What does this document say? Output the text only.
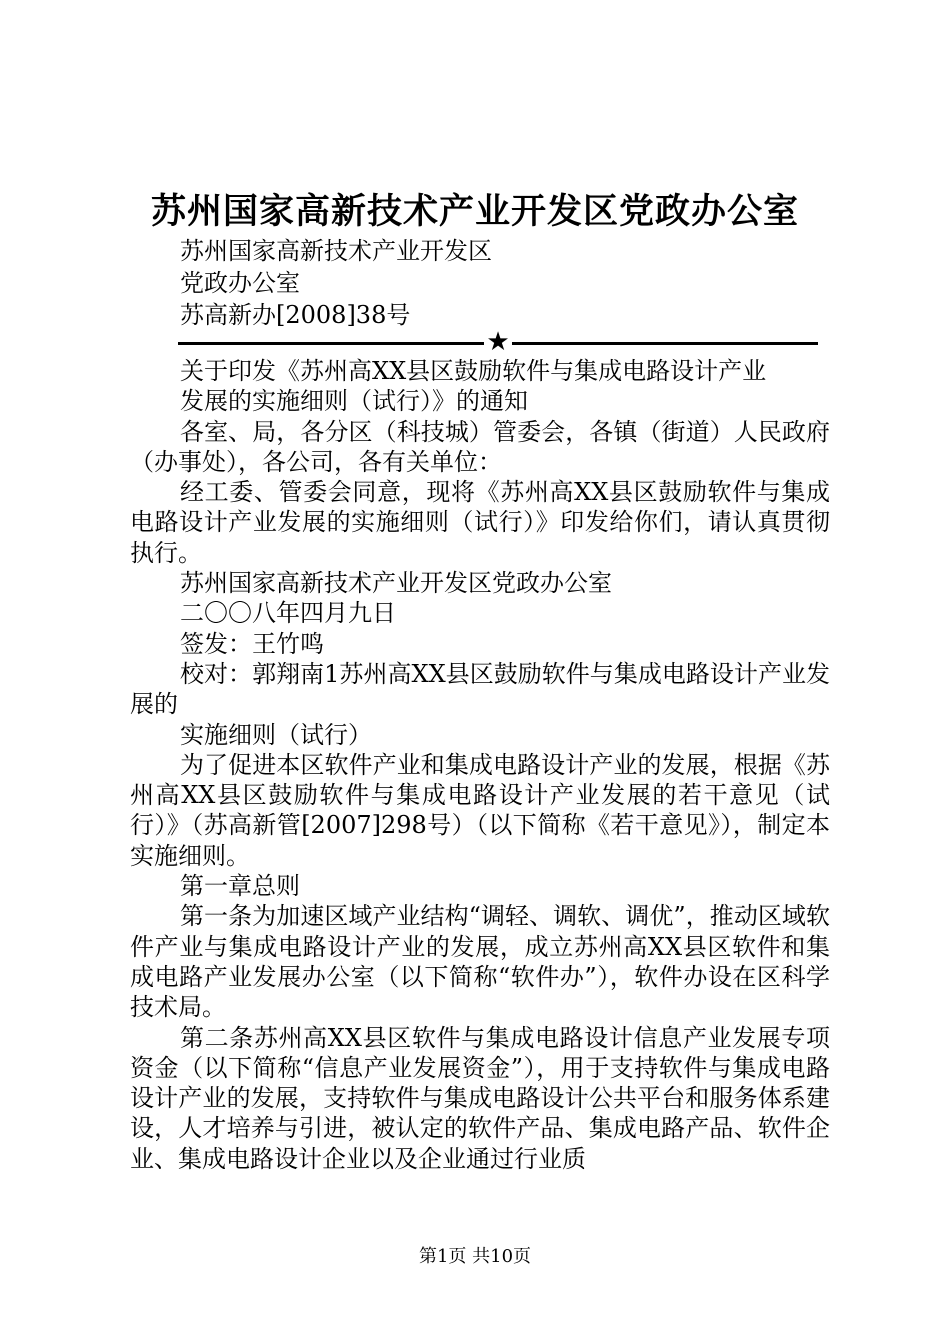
苏州国家高新技术产业开发区党政办公室
苏州国家高新技术产业开发区
党政办公室
苏高新办[2008]38号
★

关于印发《苏州高XX县区鼓励软件与集成电路设计产业

发展的实施细则（试行）》的通知

各室、局，各分区（科技城）管委会，各镇（街道）人民政府（办事处），各公司，各有关单位：

经工委、管委会同意，现将《苏州高XX县区鼓励软件与集成电路设计产业发展的实施细则（试行）》印发给你们，请认真贯彻执行。

苏州国家高新技术产业开发区党政办公室

二〇〇八年四月九日

签发：王竹鸣

校对：郭翔南1苏州高XX县区鼓励软件与集成电路设计产业发展的

实施细则（试行）

为了促进本区软件产业和集成电路设计产业的发展，根据《苏州高XX县区鼓励软件与集成电路设计产业发展的若干意见（试行）》（苏高新管[2007]298号）（以下简称《若干意见》），制定本实施细则。

第一章总则

第一条为加速区域产业结构“调轻、调软、调优”，推动区域软件产业与集成电路设计产业的发展，成立苏州高XX县区软件和集成电路产业发展办公室（以下简称“软件办”），软件办设在区科学技术局。

第二条苏州高XX县区软件与集成电路设计信息产业发展专项资金（以下简称“信息产业发展资金”），用于支持软件与集成电路设计产业的发展，支持软件与集成电路设计公共平台和服务体系建设，人才培养与引进，被认定的软件产品、集成电路产品、软件企业、集成电路设计企业以及企业通过行业质

第1页 共10页
